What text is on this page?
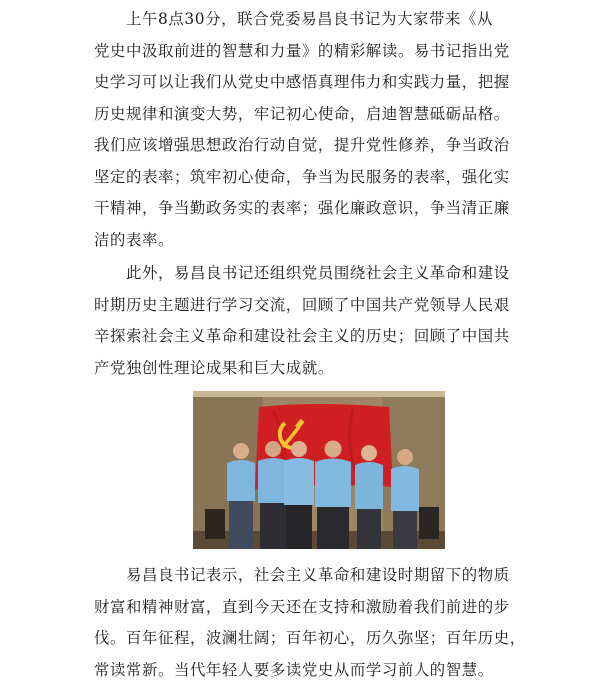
　　上午8点30分，联合党委易昌良书记为大家带来《从
党史中汲取前进的智慧和力量》的精彩解读。易书记指出党
史学习可以让我们从党史中感悟真理伟力和实践力量，把握
历史规律和演变大势，牢记初心使命，启迪智慧砥砺品格。
我们应该增强思想政治行动自觉，提升党性修养，争当政治
坚定的表率；筑牢初心使命，争当为民服务的表率，强化实
干精神，争当勤政务实的表率；强化廉政意识，争当清正廉
洁的表率。
　　此外，易昌良书记还组织党员围绕社会主义革命和建设
时期历史主题进行学习交流，回顾了中国共产党领导人民艰
辛探索社会主义革命和建设社会主义的历史；回顾了中国共
产党独创性理论成果和巨大成就。
　　易昌良书记表示，社会主义革命和建设时期留下的物质
财富和精神财富，直到今天还在支持和激励着我们前进的步
伐。百年征程，波澜壮阔；百年初心，历久弥坚；百年历史，
常读常新。当代年轻人要多读党史从而学习前人的智慧。
